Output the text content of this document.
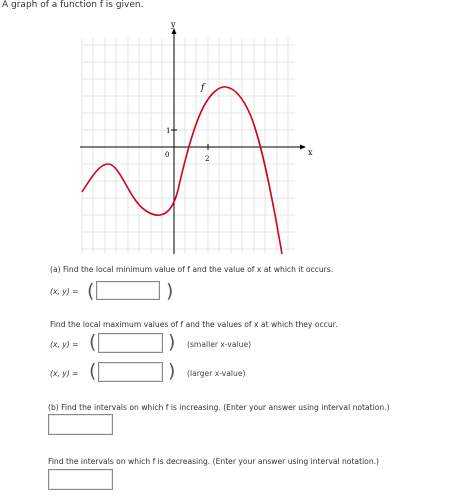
A graph of a function f is given.
y
x
f
1
0	2
(a) Find the local minimum value of f and the value of x at which it occurs.
(x, y) = (	)
Find the local maximum values of f and the values of x at which they occur.
(x, y) = (	) (smaller x-value)
(x, y) = (	) (larger x-value)
(b) Find the intervals on which f is increasing. (Enter your answer using interval notation.)
Find the intervals on which f is decreasing. (Enter your answer using interval notation.)
